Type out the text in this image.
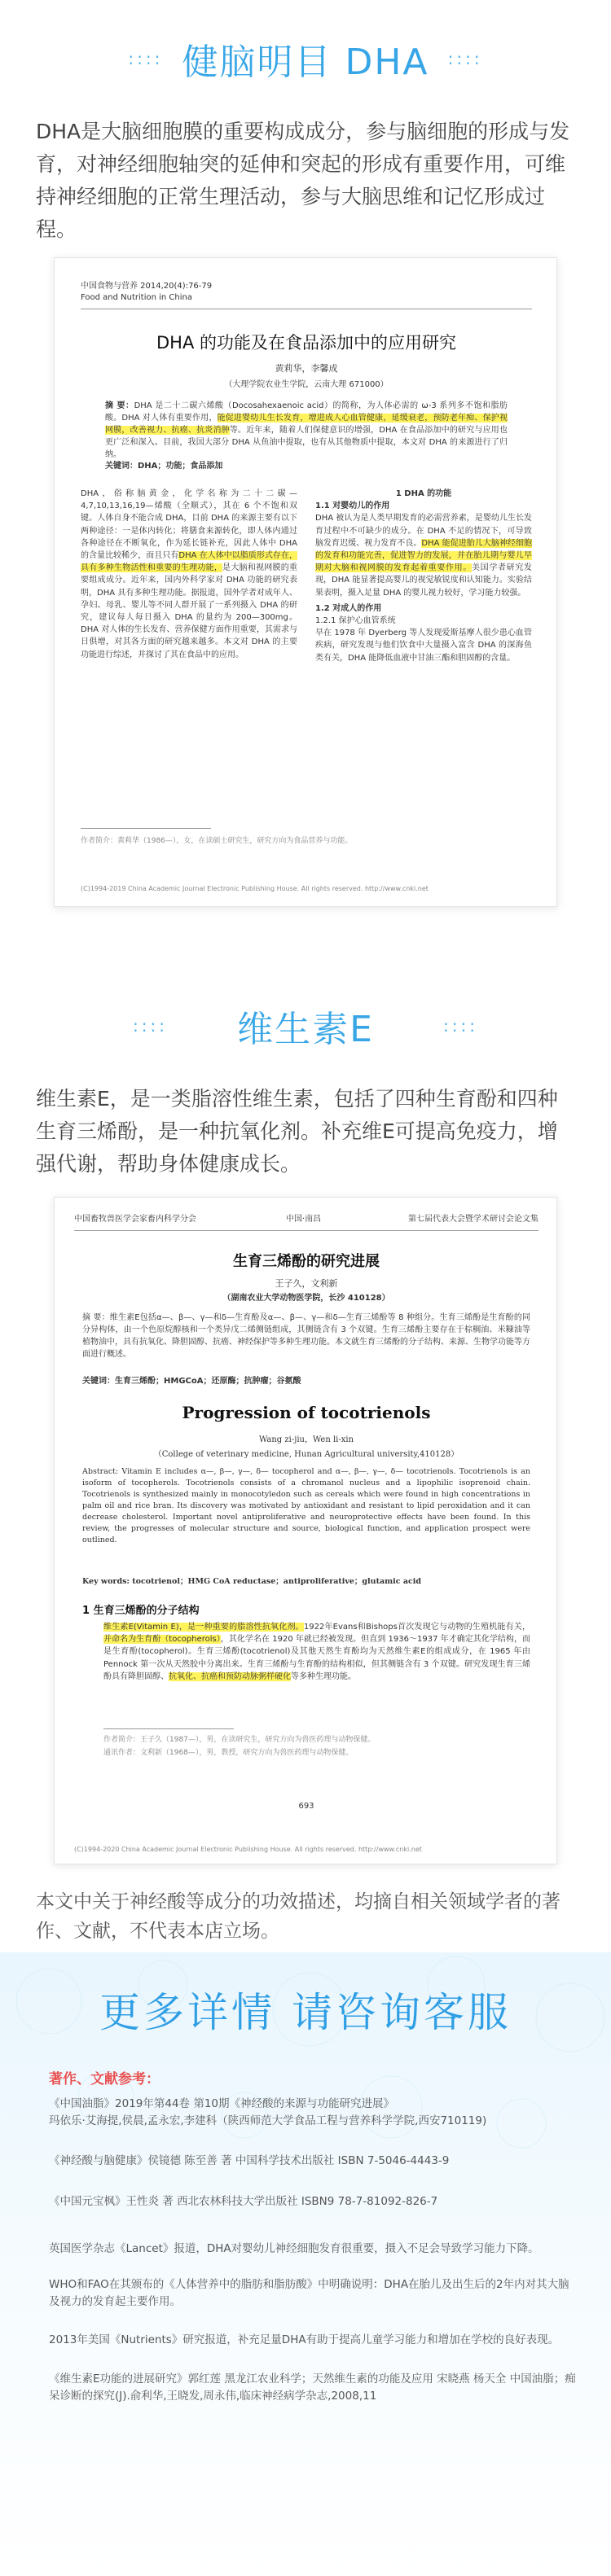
:::: 健脑明目 DHA ::::
DHA是大脑细胞膜的重要构成成分，参与脑细胞的形成与发育，对神经细胞轴突的延伸和突起的形成有重要作用，可维持神经细胞的正常生理活动，参与大脑思维和记忆形成过程。
中国食物与营养 2014,20(4):76-79
Food and Nutrition in China
DHA 的功能及在食品添加中的应用研究
黄莉华，李馨成
（大理学院农业生学院，云南大理 671000）
摘 要：DHA 是二十二碳六烯酸（Docosahexaenoic acid）的简称，为人体必需的 ω-3 系列多不饱和脂肪酸。DHA 对人体有重要作用，能促进婴幼儿生长发育，增进成人心血管健康，延缓衰老，预防老年痴、保护视网膜，改善视力、抗癌、抗炎消肿等。近年来，随着人们保健意识的增强，DHA 在食品添加中的研究与应用也更广泛和深入。目前，我国大部分 DHA 从鱼油中提取，也有从其他物质中提取，本文对 DHA 的来源进行了归纳。
关键词：DHA；功能；食品添加
DHA，俗称脑黄金，化学名称为二十二碳—4,7,10,13,16,19—烯酸（全顺式），其在 6 个不饱和双键。人体自身不能合成 DHA，目前 DHA 的来源主要有以下两种途径：一是体内转化；将膳食来源转化，即人体内通过各种途径在不断氧化，作为延长链补充，因此人体中 DHA 的含量比较稀少，而且只有DHA 在人体中以脂质形式存在，具有多种生物活性和重要的生理功能，是大脑和视网膜的重要组成成分。近年来，国内外科学家对 DHA 功能的研究表明，DHA 具有多种生理功能。据报道，国外学者对成年人、孕妇、母乳、婴儿等不同人群开展了一系列摄入 DHA 的研究，建议每人每日摄入 DHA 的量约为 200—300mg。DHA 对人体的生长发育、营养保健方面作用重要，其需求与日俱增，对其各方面的研究越来越多。本文对 DHA 的主要功能进行综述，并探讨了其在食品中的应用。
1 DHA 的功能
1.1 对婴幼儿的作用
DHA 被认为是人类早期发育的必需营养素，是婴幼儿生长发育过程中不可缺少的成分。在 DHA 不足的情况下，可导致脑发育迟缓、视力发育不良。DHA 能促进胎儿大脑神经细胞的发育和功能完善，促进智力的发展，并在胎儿期与婴儿早期对大脑和视网膜的发育起着重要作用。美国学者研究发现，DHA 能显著提高婴儿的视觉敏锐度和认知能力。实验结果表明，摄入足量 DHA 的婴儿视力较好，学习能力较强。
1.2 对成人的作用
1.2.1 保护心血管系统
早在 1978 年 Dyerberg 等人发现爱斯基摩人很少患心血管疾病，研究发现与他们饮食中大量摄入富含 DHA 的深海鱼类有关，DHA 能降低血液中甘油三酯和胆固醇的含量。
作者简介：黄莉华（1986—），女，在读硕士研究生，研究方向为食品营养与功能。
(C)1994-2019 China Academic Journal Electronic Publishing House. All rights reserved. http://www.cnki.net
:::: 维生素E	::::
维生素E，是一类脂溶性维生素，包括了四种生育酚和四种生育三烯酚，是一种抗氧化剂。补充维E可提高免疫力，增强代谢，帮助身体健康成长。
中国畜牧兽医学会家畜内科学分会	中国·南昌	第七届代表大会暨学术研讨会论文集
生育三烯酚的研究进展
王子久，文利新
（湖南农业大学动物医学院，长沙 410128）
摘 要：维生素E包括α—、β—、γ—和δ—生育酚及α—、β—、γ—和δ—生育三烯酚等 8 种组分。生育三烯酚是生育酚的同分异构体，由一个色原烷醇核和一个类异戊二烯侧链组成，其侧链含有 3 个双键。生育三烯酚主要存在于棕榈油、米糠油等植物油中，具有抗氧化、降胆固醇、抗癌、神经保护等多种生理功能。本文就生育三烯酚的分子结构、来源、生物学功能等方面进行概述。
关键词：生育三烯酚；HMGCoA；还原酶；抗肿瘤；谷氨酸
Progression of tocotrienols
Wang zi-jiu，Wen li-xin
（College of veterinary medicine, Hunan Agricultural university,410128）
Abstract: Vitamin E includes α—, β—, γ—, δ— tocopherol and α—, β—, γ—, δ— tocotrienols. Tocotrienols is an isoform of tocopherols. Tocotrienols consists of a chromanol nucleus and a lipophilic isoprenoid chain. Tocotrienols is synthesized mainly in monocotyledon such as cereals which were found in high concentrations in palm oil and rice bran. Its discovery was motivated by antioxidant and resistant to lipid peroxidation and it can decrease cholesterol. Important novel antiproliferative and neuroprotective effects have been found. In this review, the progresses of molecular structure and source, biological function, and application prospect were outlined.
Key words: tocotrienol；HMG CoA reductase；antiproliferative；glutamic acid
1 生育三烯酚的分子结构
维生素E(Vitamin E)，是一种重要的脂溶性抗氧化剂。1922年Evans和Bishops首次发现它与动物的生殖机能有关，并命名为生育酚（tocopherols），其化学名在 1920 年就已经被发现。但直到 1936～1937 年才确定其化学结构，而是生育酚(tocopherol)。生育三烯酚(tocotrienol)及其他天然生育酚均为天然维生素E的组成成分，在 1965 年由 Pennock 第一次从天然胶中分离出来。生育三烯酚与生育酚的结构相似，但其侧链含有 3 个双键。研究发现生育三烯酚具有降胆固醇、抗氧化、抗癌和预防动脉粥样硬化等多种生理功能。
作者简介：王子久（1987—），男，在读研究生，研究方向为兽医药理与动物保健。
通讯作者：文利新（1968—），男，教授，研究方向为兽医药理与动物保健。
693
(C)1994-2020 China Academic Journal Electronic Publishing House. All rights reserved. http://www.cnki.net
本文中关于神经酸等成分的功效描述，均摘自相关领域学者的著作、文献，不代表本店立场。
更多详情 请咨询客服
著作、文献参考：
《中国油脂》2019年第44卷 第10期《神经酸的来源与功能研究进展》
玛依乐·艾海提,侯晨,孟永宏,李建科（陕西师范大学食品工程与营养科学学院,西安710119)
《神经酸与脑健康》侯镜德 陈至善 著 中国科学技术出版社 ISBN 7-5046-4443-9
《中国元宝枫》王性炎 著 西北农林科技大学出版社 ISBN9 78-7-81092-826-7
英国医学杂志《Lancet》报道，DHA对婴幼儿神经细胞发育很重要，摄入不足会导致学习能力下降。
WHO和FAO在其颁布的《人体营养中的脂肪和脂肪酸》中明确说明：DHA在胎儿及出生后的2年内对其大脑及视力的发育起主要作用。
2013年美国《Nutrients》研究报道，补充足量DHA有助于提高儿童学习能力和增加在学校的良好表现。
《维生素E功能的进展研究》郭红莲 黑龙江农业科学；天然维生素的功能及应用 宋晓燕 杨天全 中国油脂；痴呆诊断的探究(J).俞利华,王晓发,周永伟,临床神经病学杂志,2008,11
